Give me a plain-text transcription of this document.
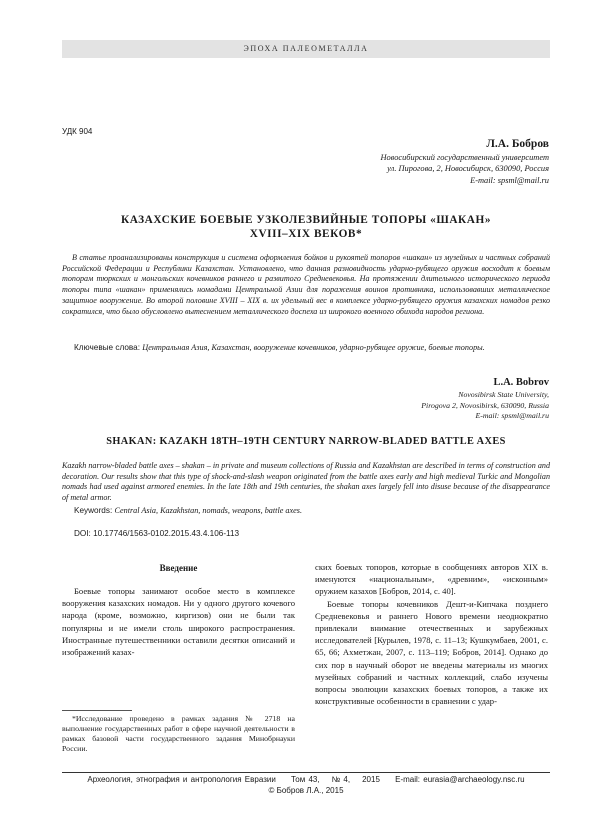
ЭПОХА ПАЛЕОМЕТАЛЛА
УДК 904
Л.А. Бобров
Новосибирский государственный университет
ул. Пирогова, 2, Новосибирск, 630090, Россия
E-mail: spsml@mail.ru
КАЗАХСКИЕ БОЕВЫЕ УЗКОЛЕЗВИЙНЫЕ ТОПОРЫ «ШАКАН»
XVIII–XIX ВЕКОВ*

В статье проанализированы конструкция и система оформления бойков и рукоятей топоров «шакан» из музейных и частных собраний Российской Федерации и Республики Казахстан. Установлено, что данная разновидность ударно-рубящего оружия восходит к боевым топорам тюркских и монгольских кочевников раннего и развитого Средневековья. На протяжении длительного исторического периода топоры типа «шакан» применялись номадами Центральной Азии для поражения воинов противника, использовавших металлическое защитное вооружение. Во второй половине XVIII – XIX в. их удельный вес в комплексе ударно-рубящего оружия казахских номадов резко сократился, что было обусловлено вытеснением металлического доспеха из широкого военного обихода народов региона.

Ключевые слова: Центральная Азия, Казахстан, вооружение кочевников, ударно-рубящее оружие, боевые топоры.
L.A. Bobrov
Novosibirsk State University,
Pirogova 2, Novosibirsk, 630090, Russia
E-mail: spsml@mail.ru
SHAKAN: KAZAKH 18TH–19TH CENTURY NARROW-BLADED BATTLE AXES

Kazakh narrow-bladed battle axes – shakan – in private and museum collections of Russia and Kazakhstan are described in terms of construction and decoration. Our results show that this type of shock-and-slash weapon originated from the battle axes early and high medieval Turkic and Mongolian nomads had used against armored enemies. In the late 18th and 19th centuries, the shakan axes largely fell into disuse because of the disappearance of metal armor.

Keywords: Central Asia, Kazakhstan, nomads, weapons, battle axes.
DOI: 10.17746/1563-0102.2015.43.4.106-113
Введение

Боевые топоры занимают особое место в комплексе вооружения казахских номадов. Ни у одного другого кочевого народа (кроме, возможно, киргизов) они не были так популярны и не имели столь широкого распространения. Иностранные путешественники оставили десятки описаний и изображений казах-

ских боевых топоров, которые в сообщениях авторов XIX в. именуются «национальным», «древним», «исконным» оружием казахов [Бобров, 2014, с. 40].

Боевые топоры кочевников Дешт-и-Кипчака позднего Средневековья и раннего Нового времени неоднократно привлекали внимание отечественных и зарубежных исследователей [Курылев, 1978, с. 11–13; Кушкумбаев, 2001, с. 65, 66; Ахметжан, 2007, с. 113–119; Бобров, 2014]. Однако до сих пор в научный оборот не введены материалы из многих музейных собраний и частных коллекций, слабо изучены вопросы эволюции казахских боевых топоров, а также их конструктивные особенности в сравнении с удар-

*Исследование проведено в рамках задания № 2718 на выполнение государственных работ в сфере научной деятельности в рамках базовой части государственного задания Минобрнауки России.

Археология, этнография и антропология Евразии Том 43, № 4, 2015 E-mail: eurasia@archaeology.nsc.ru
© Бобров Л.А., 2015
